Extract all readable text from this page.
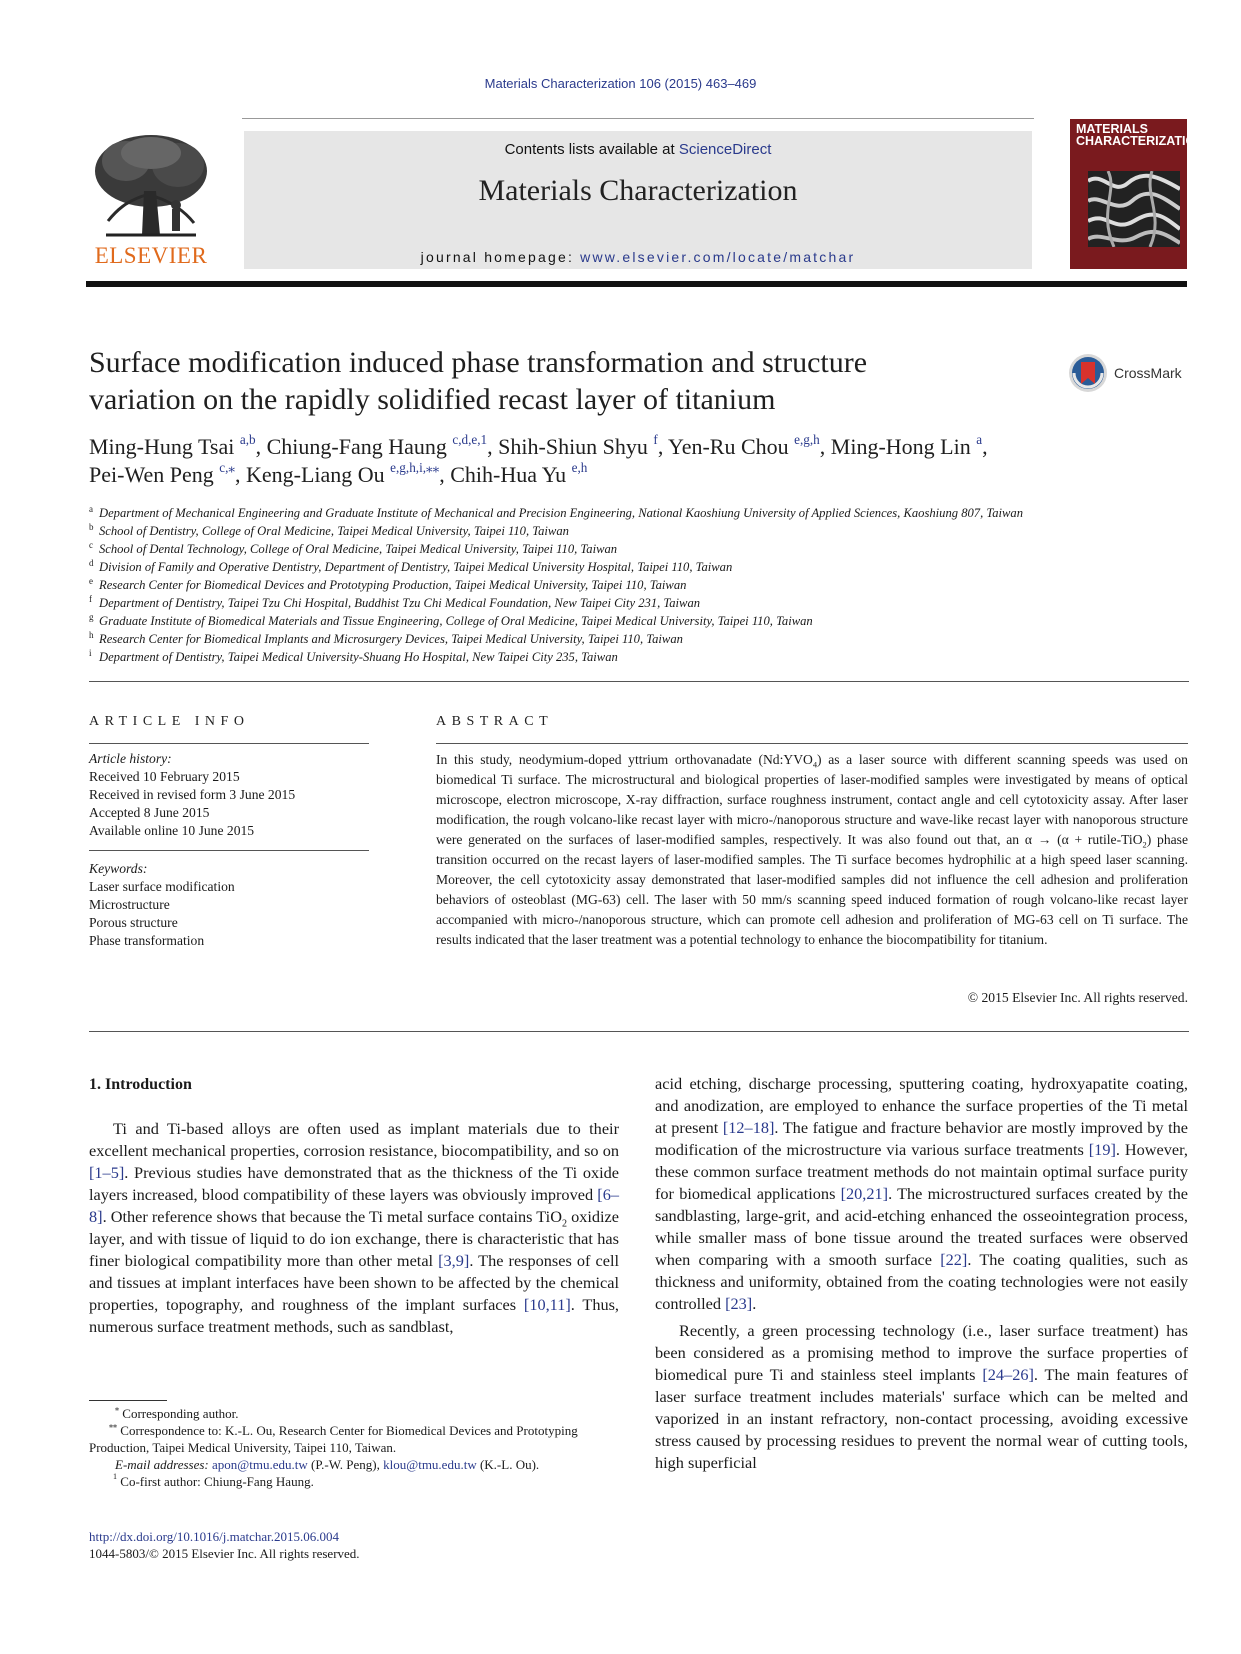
Materials Characterization 106 (2015) 463–469
ELSEVIER
Contents lists available at ScienceDirect
Materials Characterization
journal homepage: www.elsevier.com/locate/matchar
MATERIALS CHARACTERIZATION
Surface modification induced phase transformation and structure
variation on the rapidly solidified recast layer of titanium
CrossMark
Ming-Hung Tsai $^{a,b}$, Chiung-Fang Haung $^{c,d,e,1}$, Shih-Shiun Shyu $^f$, Yen-Ru Chou $^{e,g,h}$, Ming-Hong Lin $^a$,
Pei-Wen Peng $^{c,⁎}$, Keng-Liang Ou $^{e,g,h,i,⁎⁎}$, Chih-Hua Yu $^{e,h}$
a Department of Mechanical Engineering and Graduate Institute of Mechanical and Precision Engineering, National Kaoshiung University of Applied Sciences, Kaoshiung 807, Taiwan
b School of Dentistry, College of Oral Medicine, Taipei Medical University, Taipei 110, Taiwan
c School of Dental Technology, College of Oral Medicine, Taipei Medical University, Taipei 110, Taiwan
d Division of Family and Operative Dentistry, Department of Dentistry, Taipei Medical University Hospital, Taipei 110, Taiwan
e Research Center for Biomedical Devices and Prototyping Production, Taipei Medical University, Taipei 110, Taiwan
f Department of Dentistry, Taipei Tzu Chi Hospital, Buddhist Tzu Chi Medical Foundation, New Taipei City 231, Taiwan
g Graduate Institute of Biomedical Materials and Tissue Engineering, College of Oral Medicine, Taipei Medical University, Taipei 110, Taiwan
h Research Center for Biomedical Implants and Microsurgery Devices, Taipei Medical University, Taipei 110, Taiwan
i Department of Dentistry, Taipei Medical University-Shuang Ho Hospital, New Taipei City 235, Taiwan
ARTICLE INFO
Article history:
Received 10 February 2015
Received in revised form 3 June 2015
Accepted 8 June 2015
Available online 10 June 2015
Keywords:
Laser surface modification
Microstructure
Porous structure
Phase transformation
ABSTRACT
In this study, neodymium-doped yttrium orthovanadate $(Nd:YVO_4)$ as a laser source with different scanning speeds was used on biomedical Ti surface. The microstructural and biological properties of laser-modified samples were investigated by means of optical microscope, electron microscope, X-ray diffraction, surface roughness instrument, contact angle and cell cytotoxicity assay. After laser modification, the rough volcano-like recast layer with micro-/nanoporous structure and wave-like recast layer with nanoporous structure were generated on the surfaces of laser-modified samples, respectively. It was also found out that, an α → (α + rutile-TiO$_2$) phase transition occurred on the recast layers of laser-modified samples. The Ti surface becomes hydrophilic at a high speed laser scanning. Moreover, the cell cytotoxicity assay demonstrated that laser-modified samples did not influence the cell adhesion and proliferation behaviors of osteoblast (MG-63) cell. The laser with 50 mm/s scanning speed induced formation of rough volcano-like recast layer accompanied with micro-/nanoporous structure, which can promote cell adhesion and proliferation of MG-63 cell on Ti surface. The results indicated that the laser treatment was a potential technology to enhance the biocompatibility for titanium.
© 2015 Elsevier Inc. All rights reserved.
1. Introduction
Ti and Ti-based alloys are often used as implant materials due to their excellent mechanical properties, corrosion resistance, biocompatibility, and so on [1–5]. Previous studies have demonstrated that as the thickness of the Ti oxide layers increased, blood compatibility of these layers was obviously improved [6–8]. Other reference shows that because the Ti metal surface contains TiO$_2$ oxidize layer, and with tissue of liquid to do ion exchange, there is characteristic that has finer biological compatibility more than other metal [3,9]. The responses of cell and tissues at implant interfaces have been shown to be affected by the chemical properties, topography, and roughness of the implant surfaces [10,11]. Thus, numerous surface treatment methods, such as sandblast,

acid etching, discharge processing, sputtering coating, hydroxyapatite coating, and anodization, are employed to enhance the surface properties of the Ti metal at present [12–18]. The fatigue and fracture behavior are mostly improved by the modification of the microstructure via various surface treatments [19]. However, these common surface treatment methods do not maintain optimal surface purity for biomedical applications [20,21]. The microstructured surfaces created by the sandblasting, large-grit, and acid-etching enhanced the osseointegration process, while smaller mass of bone tissue around the treated surfaces were observed when comparing with a smooth surface [22]. The coating qualities, such as thickness and uniformity, obtained from the coating technologies were not easily controlled [23].

Recently, a green processing technology (i.e., laser surface treatment) has been considered as a promising method to improve the surface properties of biomedical pure Ti and stainless steel implants [24–26]. The main features of laser surface treatment includes materials' surface which can be melted and vaporized in an instant refractory, non-contact processing, avoiding excessive stress caused by processing residues to prevent the normal wear of cutting tools, high superficial

⁎ Corresponding author.
⁎⁎ Correspondence to: K.-L. Ou, Research Center for Biomedical Devices and Prototyping Production, Taipei Medical University, Taipei 110, Taiwan.
E-mail addresses: apon@tmu.edu.tw (P.-W. Peng), klou@tmu.edu.tw (K.-L. Ou).
$^1$ Co-first author: Chiung-Fang Haung.
http://dx.doi.org/10.1016/j.matchar.2015.06.004
1044-5803/© 2015 Elsevier Inc. All rights reserved.
